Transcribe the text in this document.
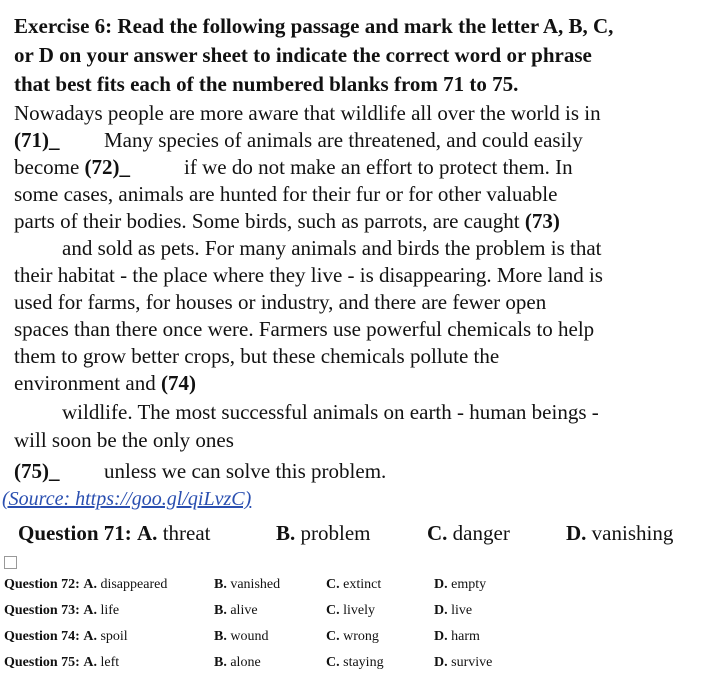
Exercise 6: Read the following passage and mark the letter A, B, C,
or D on your answer sheet to indicate the correct word or phrase
that best fits each of the numbered blanks from 71 to 75.
Nowadays people are more aware that wildlife all over the world is in
(71)_ Many species of animals are threatened, and could easily
become (72)_	if we do not make an effort to protect them. In
some cases, animals are hunted for their fur or for other valuable
parts of their bodies. Some birds, such as parrots, are caught (73)
and sold as pets. For many animals and birds the problem is that
their habitat - the place where they live - is disappearing. More land is
used for farms, for houses or industry, and there are fewer open
spaces than there once were. Farmers use powerful chemicals to help
them to grow better crops, but these chemicals pollute the
environment and (74)
wildlife. The most successful animals on earth - human beings -
will soon be the only ones
(75)_ unless we can solve this problem.
(Source: https://goo.gl/qiLvzC)
Question 71: A. threat	B. problem	C. danger	D. vanishing
Question 72: A. disappeared	B. vanished	C. extinct	D. empty
Question 73: A. life	B. alive	C. lively	D. live
Question 74: A. spoil	B. wound	C. wrong	D. harm
Question 75: A. left	B. alone	C. staying	D. survive
